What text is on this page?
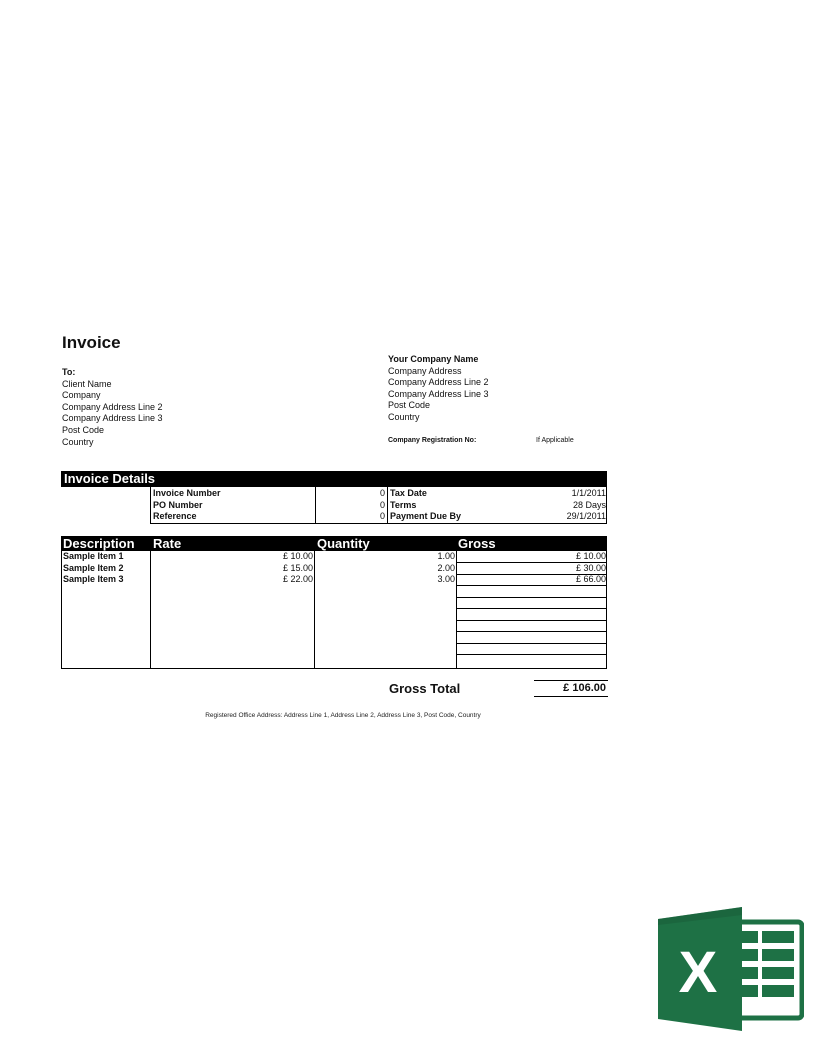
Invoice
To:
Client Name
Company
Company Address Line 2
Company Address Line 3
Post Code
Country
Your Company Name
Company Address
Company Address Line 2
Company Address Line 3
Post Code
Country
Company Registration No:	If Applicable
Invoice Details
Invoice Number	0 Tax Date	1/1/2011
PO Number	0 Terms	28 Days
Reference	0 Payment Due By	29/1/2011
Description Rate	Quantity	Gross
Sample Item 1	£ 10.00	1.00	£ 10.00
Sample Item 2	£ 15.00	2.00	£ 30.00
Sample Item 3	£ 22.00	3.00	£ 66.00
Gross Total	£ 106.00
Registered Office Address: Address Line 1, Address Line 2, Address Line 3, Post Code, Country
X
